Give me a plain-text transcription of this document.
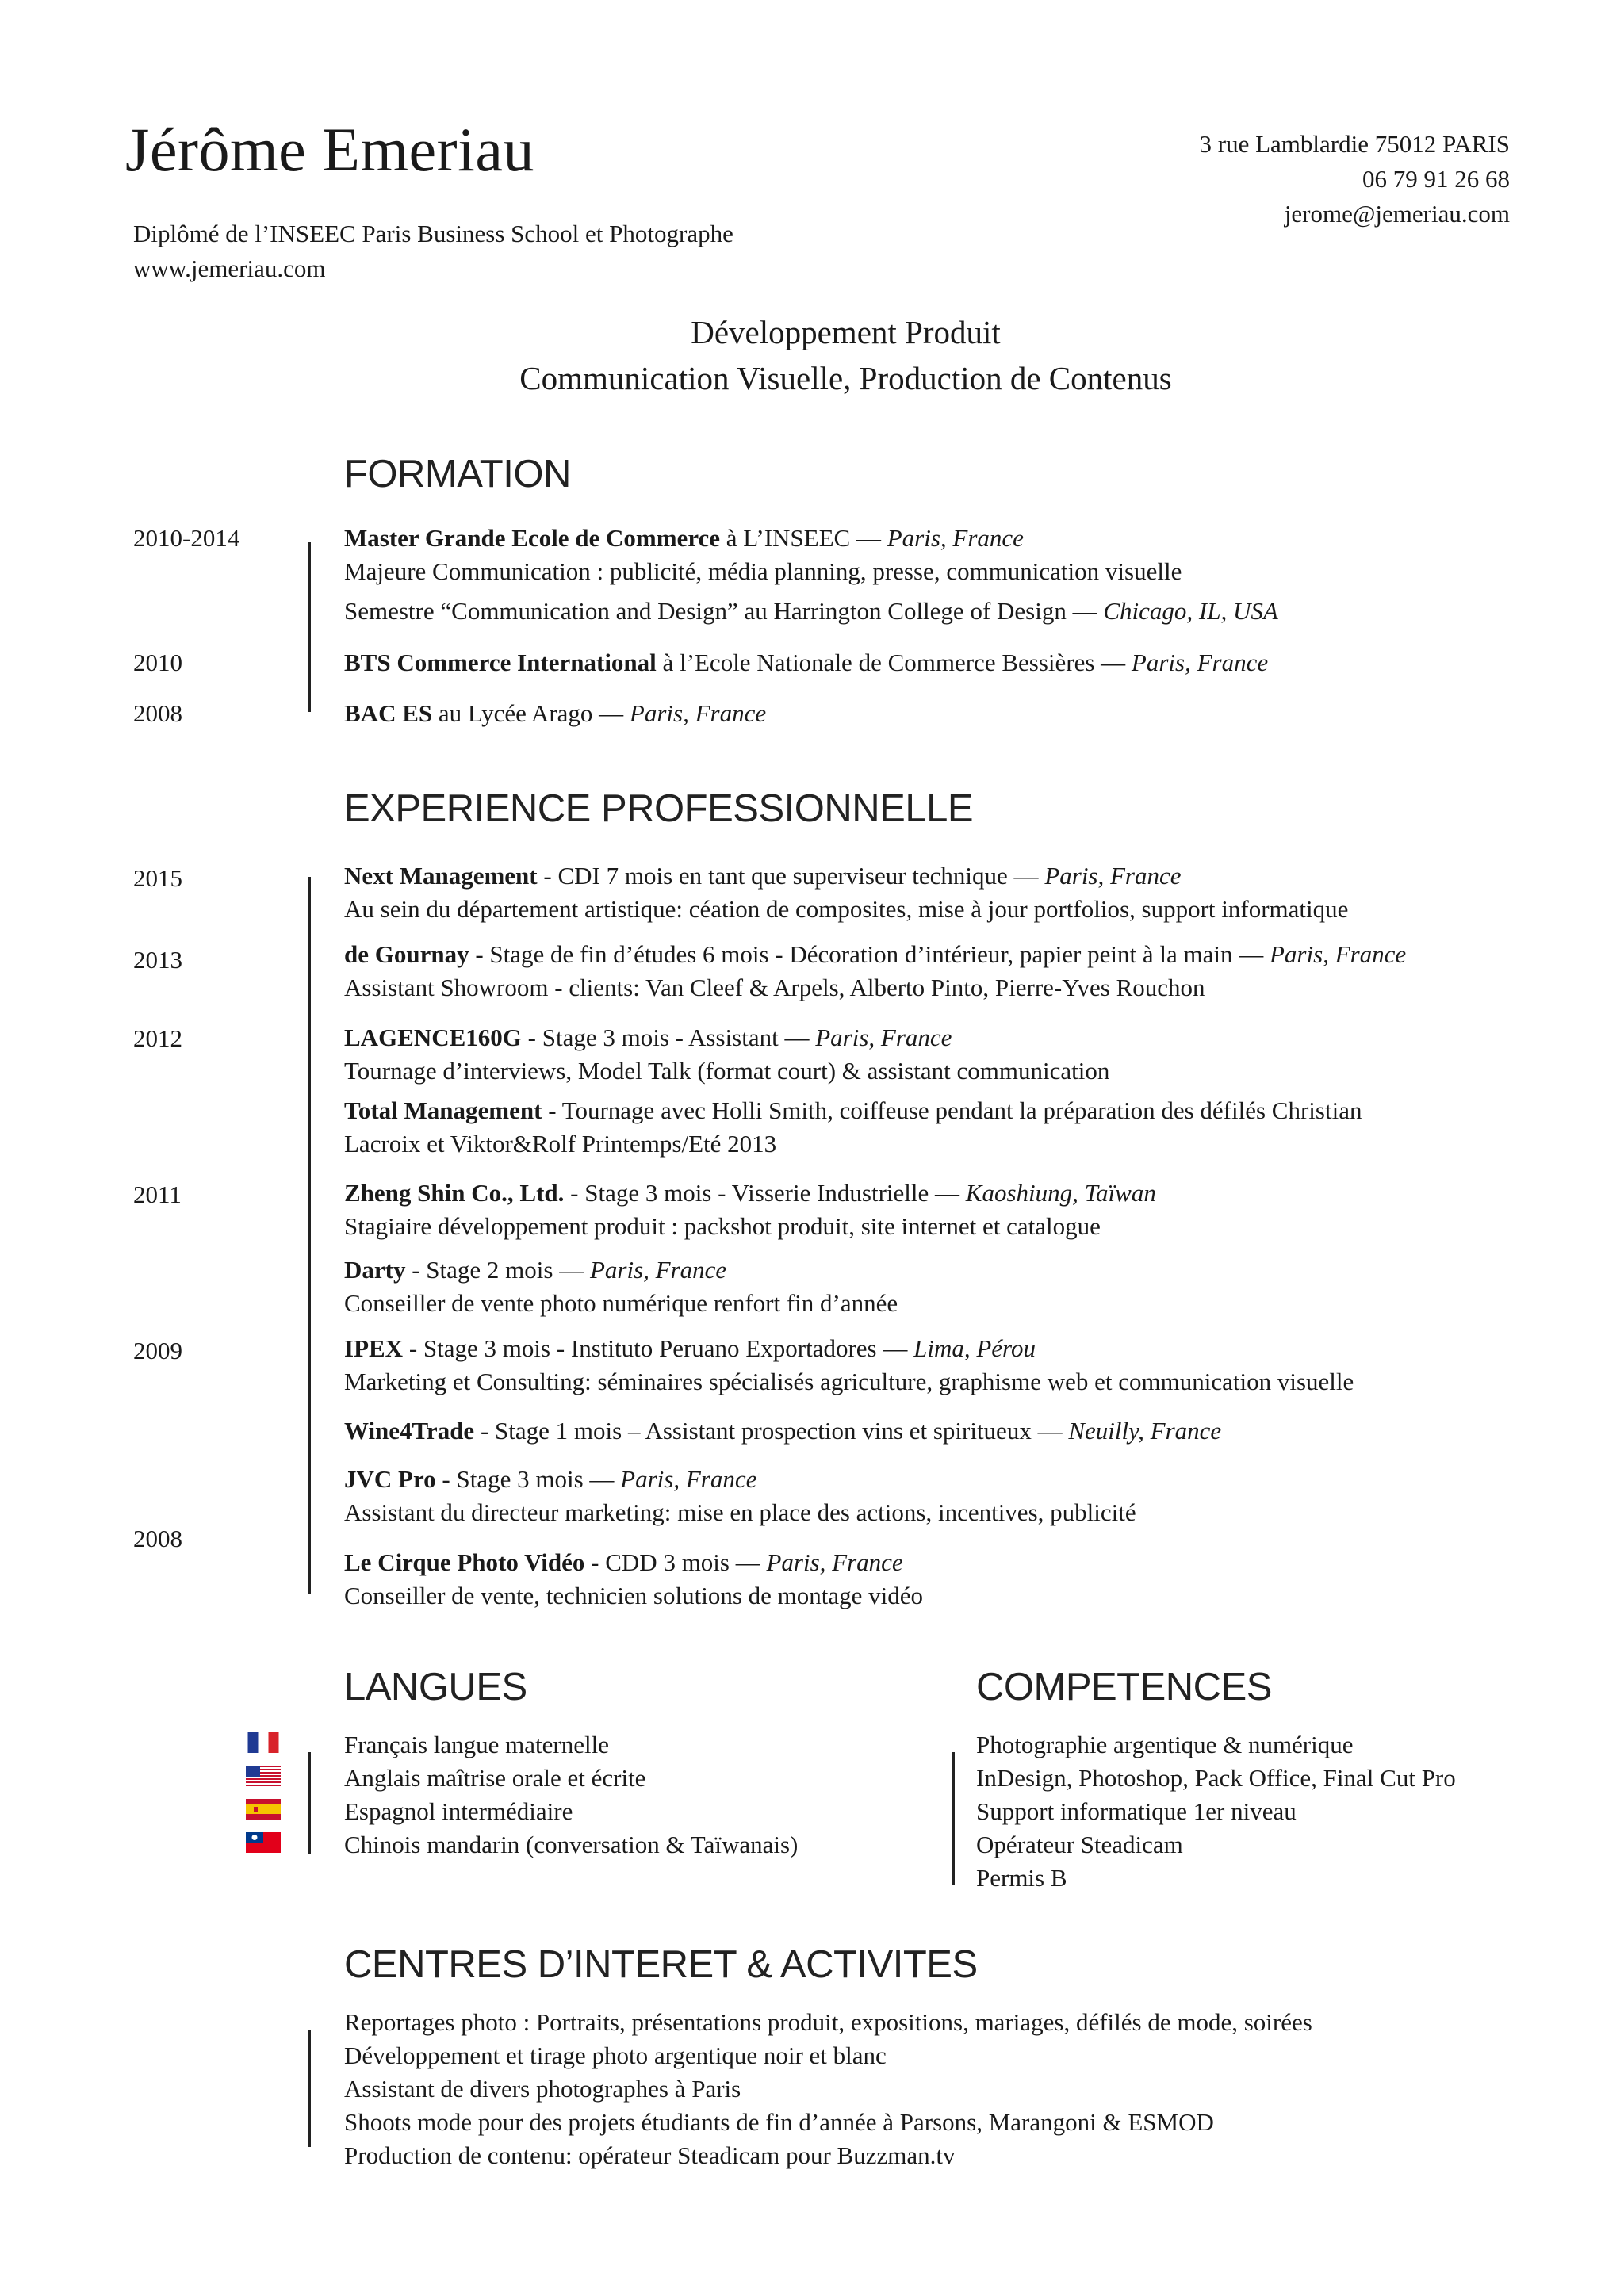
Jérôme Emeriau
Diplômé de l’INSEEC Paris Business School et Photographe
www.jemeriau.com
3 rue Lamblardie 75012 PARIS
06 79 91 26 68
jerome@jemeriau.com
Développement Produit
Communication Visuelle, Production de Contenus
FORMATION
2010-2014
2010
2008
Master Grande Ecole de Commerce à L’INSEEC — Paris, France
Majeure Communication : publicité, média planning, presse, communication visuelle
Semestre “Communication and Design” au Harrington College of Design — Chicago, IL, USA
BTS Commerce International à l’Ecole Nationale de Commerce Bessières — Paris, France
BAC ES au Lycée Arago — Paris, France
EXPERIENCE PROFESSIONNELLE
2015
2013
2012
2011
2009
2008
Next Management - CDI 7 mois en tant que superviseur technique — Paris, France
Au sein du département artistique: céation de composites, mise à jour portfolios, support informatique
de Gournay - Stage de fin d’études 6 mois - Décoration d’intérieur, papier peint à la main — Paris, France
Assistant Showroom - clients: Van Cleef & Arpels, Alberto Pinto, Pierre-Yves Rouchon
LAGENCE160G - Stage 3 mois - Assistant — Paris, France
Tournage d’interviews, Model Talk (format court) & assistant communication
Total Management - Tournage avec Holli Smith, coiffeuse pendant la préparation des défilés Christian
Lacroix et Viktor&Rolf Printemps/Eté 2013
Zheng Shin Co., Ltd. - Stage 3 mois - Visserie Industrielle — Kaoshiung, Taïwan
Stagiaire développement produit : packshot produit, site internet et catalogue
Darty - Stage 2 mois — Paris, France
Conseiller de vente photo numérique renfort fin d’année
IPEX - Stage 3 mois - Instituto Peruano Exportadores — Lima, Pérou
Marketing et Consulting: séminaires spécialisés agriculture, graphisme web et communication visuelle
Wine4Trade - Stage 1 mois – Assistant prospection vins et spiritueux — Neuilly, France
JVC Pro - Stage 3 mois — Paris, France
Assistant du directeur marketing: mise en place des actions, incentives, publicité
Le Cirque Photo Vidéo - CDD 3 mois — Paris, France
Conseiller de vente, technicien solutions de montage vidéo
LANGUES
Français langue maternelle
Anglais maîtrise orale et écrite
Espagnol intermédiaire
Chinois mandarin (conversation & Taïwanais)
COMPETENCES
Photographie argentique & numérique
InDesign, Photoshop, Pack Office, Final Cut Pro
Support informatique 1er niveau
Opérateur Steadicam
Permis B
CENTRES D’INTERET & ACTIVITES
Reportages photo : Portraits, présentations produit, expositions, mariages, défilés de mode, soirées
Développement et tirage photo argentique noir et blanc
Assistant de divers photographes à Paris
Shoots mode pour des projets étudiants de fin d’année à Parsons, Marangoni & ESMOD
Production de contenu: opérateur Steadicam pour Buzzman.tv
